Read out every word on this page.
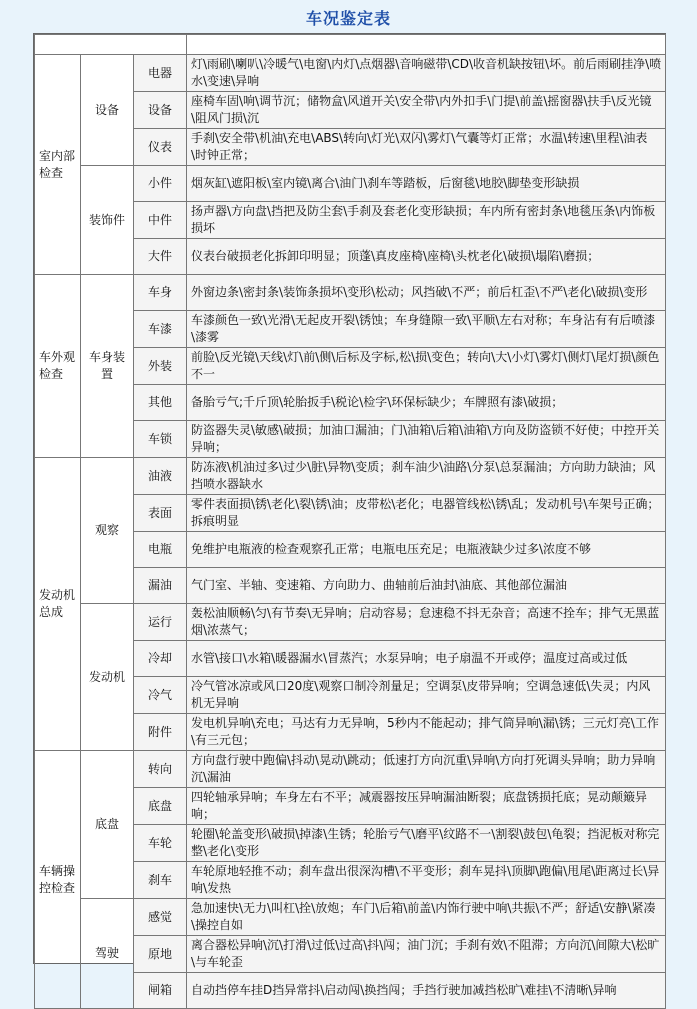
车况鉴定表

室内部检查	设备	电器	灯\雨刷\喇叭\冷暖气\电窗\内灯\点烟器\音响磁带\CD\收音机缺按钮\坏。前后雨刷挂净\喷水\变速\异响
		设备	座椅车固\响\调节沉；储物盒\风道开关\安全带\内外扣手\门提\前盖\摇窗器\扶手\反光镜\阻风门损\沉
		仪表	手刹\安全带\机油\充电\ABS\转向\灯光\双闪\雾灯\气囊等灯正常；水温\转速\里程\油表\时钟正常；
	装饰件	小件	烟灰缸\遮阳板\室内镜\离合\油门\刹车等踏板，后窗毯\地胶\脚垫变形缺损
		中件	扬声器\方向盘\挡把及防尘套\手刹及套老化变形缺损；车内所有密封条\地毯压条\内饰板损坏
		大件	仪表台破损老化拆卸印明显；顶蓬\真皮座椅\座椅\头枕老化\破损\塌陷\磨损；
车外观检查	车身装置	车身	外窗边条\密封条\装饰条损坏\变形\松动；风挡破\不严；前后杠歪\不严\老化\破损\变形
		车漆	车漆颜色一致\光滑\无起皮开裂\锈蚀；车身缝隙一致\平顺\左右对称；车身沾有有后喷漆\漆雾
		外装	前脸\反光镜\天线\灯\前\侧\后标及字标,松\损\变色；转向\大\小灯\雾灯\侧灯\尾灯损\颜色不一
		其他	备胎亏气;千斤顶\轮胎扳手\税论\检字\环保标缺少；车牌照有漆\破损；
		车锁	防盗器失灵\敏感\破损；加油口漏油；门\油箱\后箱\油箱\方向及防盗锁不好使；中控开关异响；
发动机总成	观察	油液	防冻液\机油过多\过少\脏\异物\变质；刹车油少\油路\分泵\总泵漏油；方向助力缺油；风挡喷水器缺水
		表面	零件表面损\锈\老化\裂\锈\油；皮带松\老化；电器管线松\锈\乱；发动机号\车架号正确；拆痕明显
		电瓶	免维护电瓶液的检查观察孔正常；电瓶电压充足；电瓶液缺少过多\浓度不够
		漏油	气门室、半轴、变速箱、方向助力、曲轴前后油封\油底、其他部位漏油
	发动机	运行	轰松油顺畅\匀\有节奏\无异响；启动容易；怠速稳不抖无杂音；高速不拴车；排气无黑蓝烟\浓蒸气；
		冷却	水管\接口\水箱\暖器漏水\冒蒸汽；水泵异响；电子扇温不开或停；温度过高或过低
		冷气	冷气管冰凉或风口20度\观察口制冷剂量足；空调泵\皮带异响；空调急速低\失灵；内风机无异响
		附件	发电机异响\充电；马达有力无异响，5秒内不能起动；排气筒异响\漏\锈；三元灯亮\工作\有三元包；
车辆操控检查	底盘	转向	方向盘行驶中跑偏\抖动\晃动\跳动；低速打方向沉重\异响\方向打死调头异响；助力异响沉\漏油
		底盘	四轮轴承异响；车身左右不平；减震器按压异响漏油断裂；底盘锈损托底；晃动颠簸异响；
		车轮	轮圈\轮盖变形\破损\掉漆\生锈；轮胎亏气\磨平\纹路不一\割裂\鼓包\龟裂；挡泥板对称完整\老化\变形
		刹车	车轮原地轻推不动；刹车盘出很深沟槽\不平变形；刹车晃抖\顶脚\跑偏\甩尾\距离过长\异响\发热
	驾驶	感觉	急加速快\无力\叫杠\拴\放炮；车门\后箱\前盖\内饰行驶中响\共振\不严；舒适\安静\紧凑\操控自如
		原地	离合器松异响\沉\打滑\过低\过高\抖\闯；油门沉；手刹有效\不阻滞；方向沉\间隙大\松旷\与车轮歪
		闸箱	自动挡停车挂D挡异常抖\启动闯\换挡闯；手挡行驶加减挡松旷\难挂\不清晰\异响
